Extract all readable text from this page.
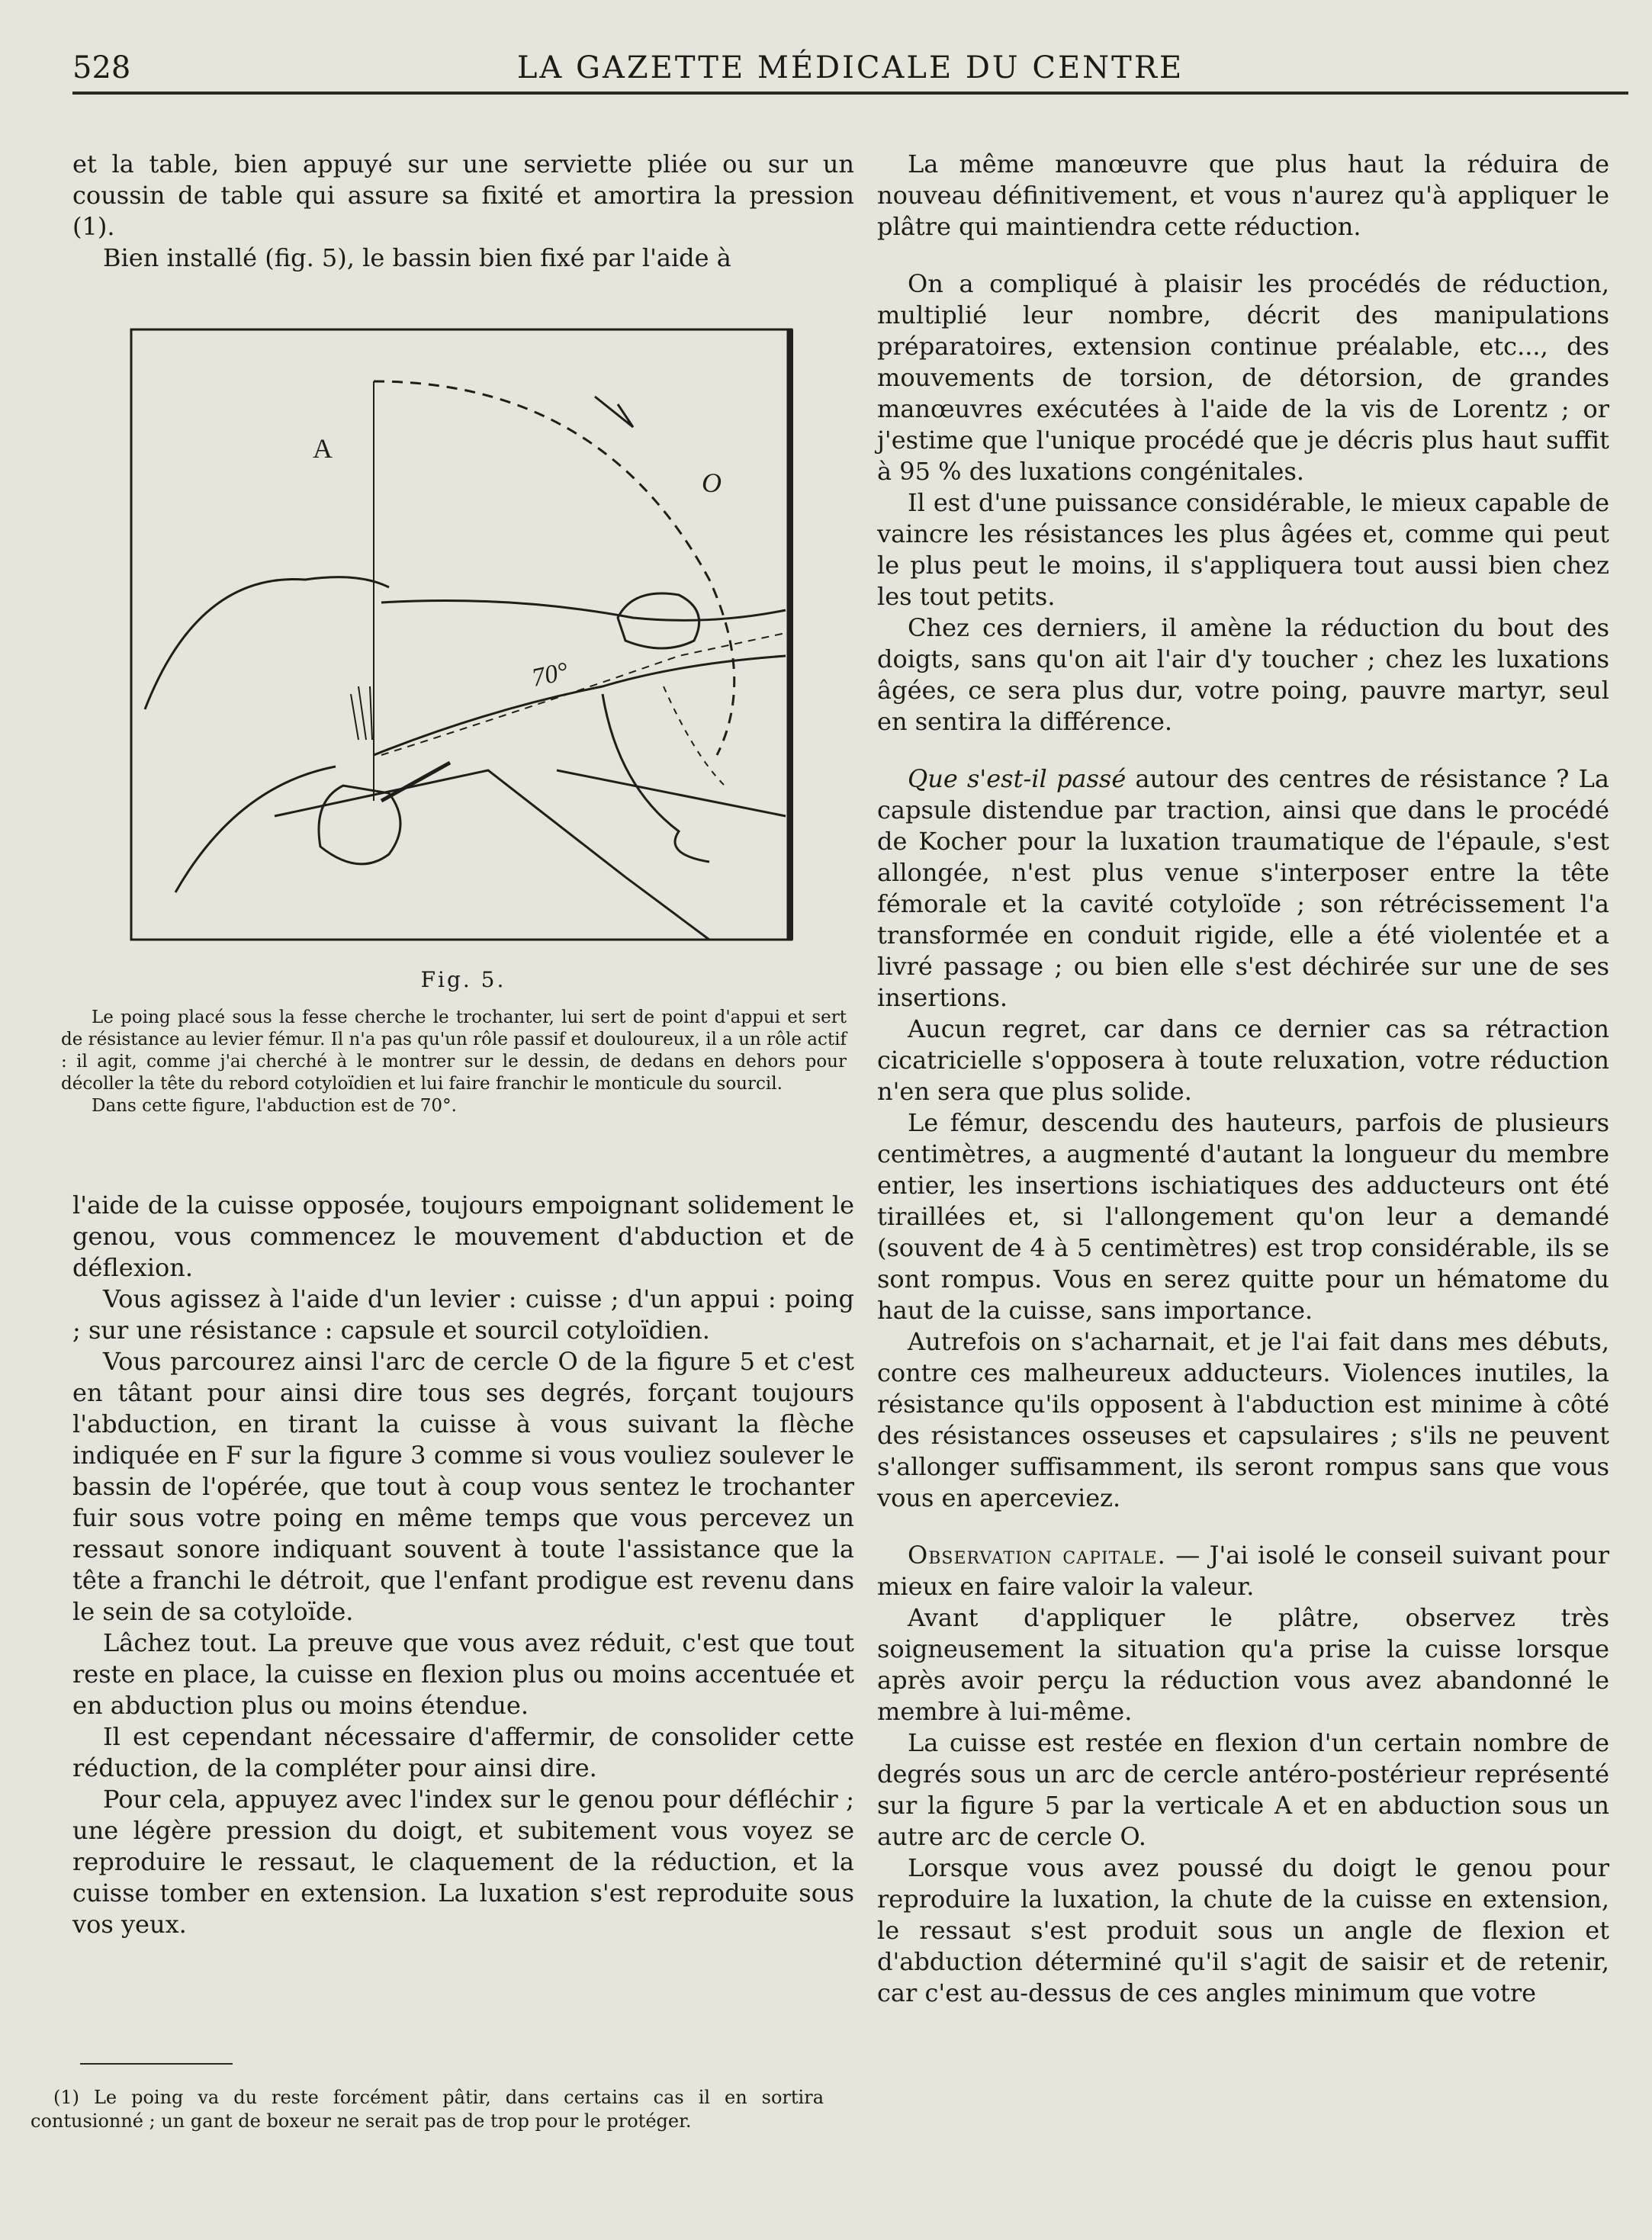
528	LA GAZETTE MÉDICALE DU CENTRE

et la table, bien appuyé sur une serviette pliée ou sur un coussin de table qui assure sa fixité et amortira la pression (1).

Bien installé (fig. 5), le bassin bien fixé par l'aide à

A
O
70°
Fig. 5.
Le poing placé sous la fesse cherche le trochanter, lui sert de point d'appui et sert de résistance au levier fémur. Il n'a pas qu'un rôle passif et douloureux, il a un rôle actif : il agit, comme j'ai cherché à le montrer sur le dessin, de dedans en dehors pour décoller la tête du rebord cotyloïdien et lui faire franchir le monticule du sourcil.
Dans cette figure, l'abduction est de 70°.

l'aide de la cuisse opposée, toujours empoignant solidement le genou, vous commencez le mouvement d'abduction et de déflexion.

Vous agissez à l'aide d'un levier : cuisse ; d'un appui : poing ; sur une résistance : capsule et sourcil cotyloïdien.

Vous parcourez ainsi l'arc de cercle O de la figure 5 et c'est en tâtant pour ainsi dire tous ses degrés, forçant toujours l'abduction, en tirant la cuisse à vous suivant la flèche indiquée en F sur la figure 3 comme si vous vouliez soulever le bassin de l'opérée, que tout à coup vous sentez le trochanter fuir sous votre poing en même temps que vous percevez un ressaut sonore indiquant souvent à toute l'assistance que la tête a franchi le détroit, que l'enfant prodigue est revenu dans le sein de sa cotyloïde.

Lâchez tout. La preuve que vous avez réduit, c'est que tout reste en place, la cuisse en flexion plus ou moins accentuée et en abduction plus ou moins étendue.

Il est cependant nécessaire d'affermir, de consolider cette réduction, de la compléter pour ainsi dire.

Pour cela, appuyez avec l'index sur le genou pour défléchir ; une légère pression du doigt, et subitement vous voyez se reproduire le ressaut, le claquement de la réduction, et la cuisse tomber en extension. La luxation s'est reproduite sous vos yeux.

(1) Le poing va du reste forcément pâtir, dans certains cas il en sortira contusionné ; un gant de boxeur ne serait pas de trop pour le protéger.

La même manœuvre que plus haut la réduira de nouveau définitivement, et vous n'aurez qu'à appliquer le plâtre qui maintiendra cette réduction.

On a compliqué à plaisir les procédés de réduction, multiplié leur nombre, décrit des manipulations préparatoires, extension continue préalable, etc..., des mouvements de torsion, de détorsion, de grandes manœuvres exécutées à l'aide de la vis de Lorentz ; or j'estime que l'unique procédé que je décris plus haut suffit à 95 % des luxations congénitales.

Il est d'une puissance considérable, le mieux capable de vaincre les résistances les plus âgées et, comme qui peut le plus peut le moins, il s'appliquera tout aussi bien chez les tout petits.

Chez ces derniers, il amène la réduction du bout des doigts, sans qu'on ait l'air d'y toucher ; chez les luxations âgées, ce sera plus dur, votre poing, pauvre martyr, seul en sentira la différence.

Que s'est-il passé autour des centres de résistance ? La capsule distendue par traction, ainsi que dans le procédé de Kocher pour la luxation traumatique de l'épaule, s'est allongée, n'est plus venue s'interposer entre la tête fémorale et la cavité cotyloïde ; son rétrécissement l'a transformée en conduit rigide, elle a été violentée et a livré passage ; ou bien elle s'est déchirée sur une de ses insertions.

Aucun regret, car dans ce dernier cas sa rétraction cicatricielle s'opposera à toute reluxation, votre réduction n'en sera que plus solide.

Le fémur, descendu des hauteurs, parfois de plusieurs centimètres, a augmenté d'autant la longueur du membre entier, les insertions ischiatiques des adducteurs ont été tiraillées et, si l'allongement qu'on leur a demandé (souvent de 4 à 5 centimètres) est trop considérable, ils se sont rompus. Vous en serez quitte pour un hématome du haut de la cuisse, sans importance.

Autrefois on s'acharnait, et je l'ai fait dans mes débuts, contre ces malheureux adducteurs. Violences inutiles, la résistance qu'ils opposent à l'abduction est minime à côté des résistances osseuses et capsulaires ; s'ils ne peuvent s'allonger suffisamment, ils seront rompus sans que vous vous en aperceviez.

Observation capitale. — J'ai isolé le conseil suivant pour mieux en faire valoir la valeur.

Avant d'appliquer le plâtre, observez très soigneusement la situation qu'a prise la cuisse lorsque après avoir perçu la réduction vous avez abandonné le membre à lui-même.

La cuisse est restée en flexion d'un certain nombre de degrés sous un arc de cercle antéro-postérieur représenté sur la figure 5 par la verticale A et en abduction sous un autre arc de cercle O.

Lorsque vous avez poussé du doigt le genou pour reproduire la luxation, la chute de la cuisse en extension, le ressaut s'est produit sous un angle de flexion et d'abduction déterminé qu'il s'agit de saisir et de retenir, car c'est au-dessus de ces angles minimum que votre
